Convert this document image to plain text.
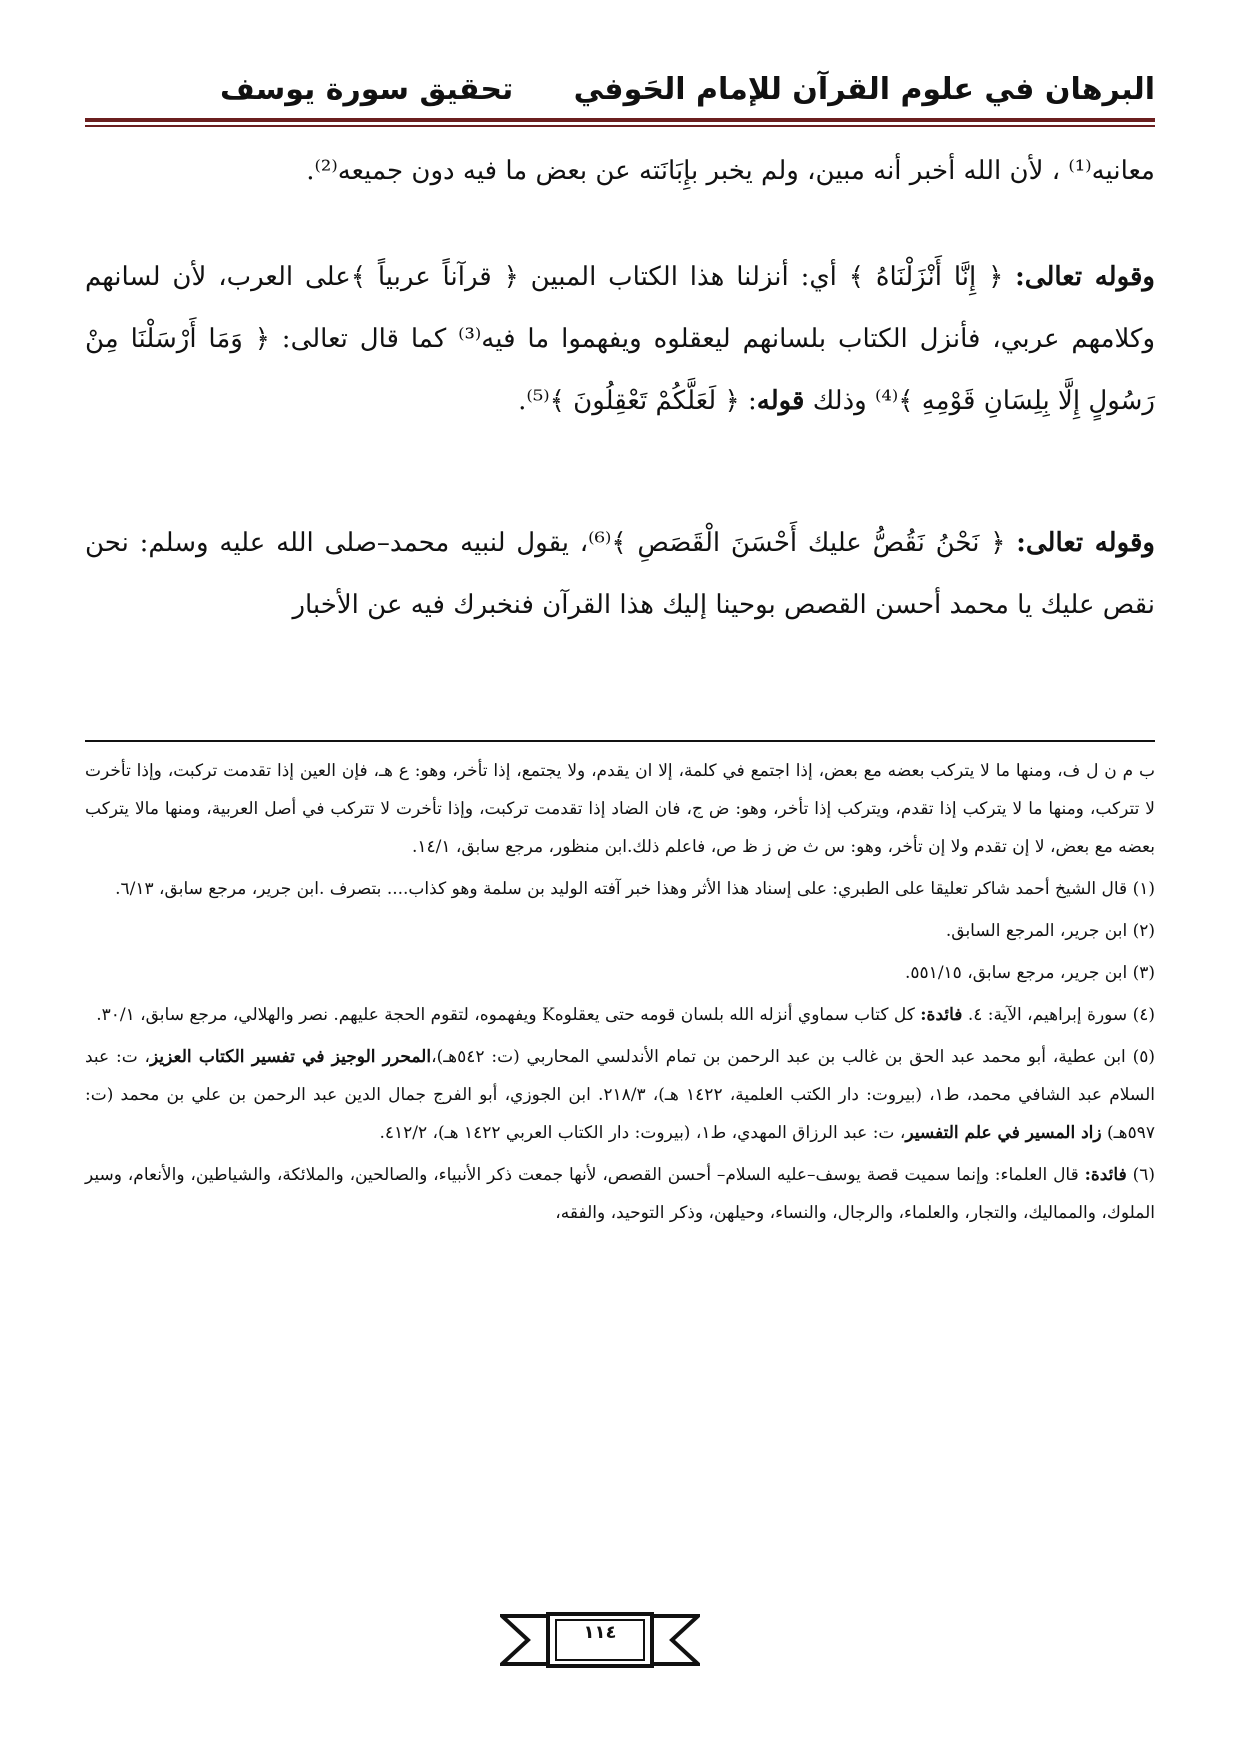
البرهان في علوم القرآن للإمام الحَوفي
تحقيق سورة يوسف

معانيه⁽¹⁾ ، لأن الله أخبر أنه مبين، ولم يخبر بإِبَانَته عن بعض ما فيه دون جميعه⁽²⁾.

وقوله تعالى: ﴿ إِنَّا أَنْزَلْنَاهُ ﴾ أي: أنزلنا هذا الكتاب المبين ﴿ قرآناً عربياً ﴾على العرب، لأن لسانهم وكلامهم عربي، فأنزل الكتاب بلسانهم ليعقلوه ويفهموا ما فيه⁽³⁾ كما قال تعالى: ﴿ وَمَا أَرْسَلْنَا مِنْ رَسُولٍ إِلَّا بِلِسَانِ قَوْمِهِ ﴾⁽⁴⁾ وذلك قوله: ﴿ لَعَلَّكُمْ تَعْقِلُونَ ﴾⁽⁵⁾.

وقوله تعالى: ﴿ نَحْنُ نَقُصُّ عليك أَحْسَنَ الْقَصَصِ ﴾⁽⁶⁾، يقول لنبيه محمد–صلى الله عليه وسلم: نحن نقص عليك يا محمد أحسن القصص بوحينا إليك هذا القرآن فنخبرك فيه عن الأخبار

ب م ن ل ف، ومنها ما لا يتركب بعضه مع بعض، إذا اجتمع في كلمة، إلا ان يقدم، ولا يجتمع، إذا تأخر، وهو: ع هـ، فإن العين إذا تقدمت تركبت، وإذا تأخرت لا تتركب، ومنها ما لا يتركب إذا تقدم، ويتركب إذا تأخر، وهو: ض ج، فان الضاد إذا تقدمت تركبت، وإذا تأخرت لا تتركب في أصل العربية، ومنها مالا يتركب بعضه مع بعض، لا إن تقدم ولا إن تأخر، وهو: س ث ض ز ظ ص، فاعلم ذلك.ابن منظور، مرجع سابق، ١٤/١.

(١) قال الشيخ أحمد شاكر تعليقا على الطبري: على إسناد هذا الأثر وهذا خبر آفته الوليد بن سلمة وهو كذاب.... بتصرف .ابن جرير، مرجع سابق، ٦/١٣.

(٢) ابن جرير، المرجع السابق.

(٣) ابن جرير، مرجع سابق، ٥٥١/١٥.

(٤) سورة إبراهيم، الآية: ٤. فائدة: كل كتاب سماوي أنزله الله بلسان قومه حتى يعقلوهK ويفهموه، لتقوم الحجة عليهم. نصر والهلالي، مرجع سابق، ٣٠/١.

(٥) ابن عطية، أبو محمد عبد الحق بن غالب بن عبد الرحمن بن تمام الأندلسي المحاربي (ت: ٥٤٢هـ)،المحرر الوجيز في تفسير الكتاب العزيز، ت: عبد السلام عبد الشافي محمد، ط١، (بيروت: دار الكتب العلمية، ١٤٢٢ هـ)، ٢١٨/٣. ابن الجوزي، أبو الفرج جمال الدين عبد الرحمن بن علي بن محمد (ت: ٥٩٧هـ) زاد المسير في علم التفسير، ت: عبد الرزاق المهدي، ط١، (بيروت: دار الكتاب العربي ١٤٢٢ هـ)، ٤١٢/٢.

(٦) فائدة: قال العلماء: وإنما سميت قصة يوسف–عليه السلام– أحسن القصص، لأنها جمعت ذكر الأنبياء، والصالحين، والملائكة، والشياطين، والأنعام، وسير الملوك، والمماليك، والتجار، والعلماء، والرجال، والنساء، وحيلهن، وذكر التوحيد، والفقه،

١١٤
